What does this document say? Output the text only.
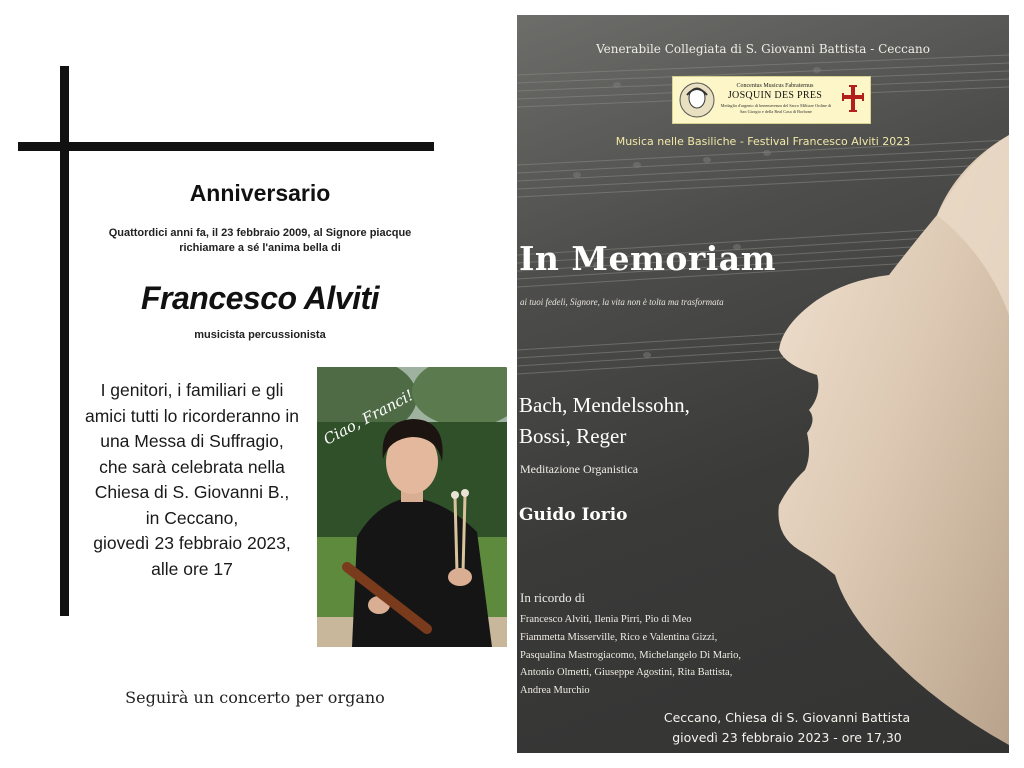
Anniversario
Quattordici anni fa, il 23 febbraio 2009, al Signore piacque richiamare a sé l'anima bella di
Francesco Alviti
musicista percussionista
I genitori, i familiari e gli
amici tutti lo ricorderanno in
una Messa di Suffragio,
che sarà celebrata nella
Chiesa di S. Giovanni B.,
in Ceccano,
giovedì 23 febbraio 2023,
alle ore 17
Ciao, Franci!
Seguirà un concerto per organo
Venerabile Collegiata di S. Giovanni Battista - Ceccano
Concentus Musicus Fabraternus
JOSQUIN DES PRES
Medaglia d'argento di benemerenza del Sacro Militare Ordine di San Giorgio e della Real Casa di Borbone
Musica nelle Basiliche - Festival Francesco Alviti 2023
In Memoriam
ai tuoi fedeli, Signore, la vita non è tolta ma trasformata
Bach, Mendelssohn,
Bossi, Reger
Meditazione Organistica
Guido Iorio
In ricordo di
Francesco Alviti, Ilenia Pirri, Pio di Meo
Fiammetta Misserville, Rico e Valentina Gizzi,
Pasqualina Mastrogiacomo, Michelangelo Di Mario,
Antonio Olmetti, Giuseppe Agostini, Rita Battista,
Andrea Murchio
Ceccano, Chiesa di S. Giovanni Battista
giovedì 23 febbraio 2023 - ore 17,30
